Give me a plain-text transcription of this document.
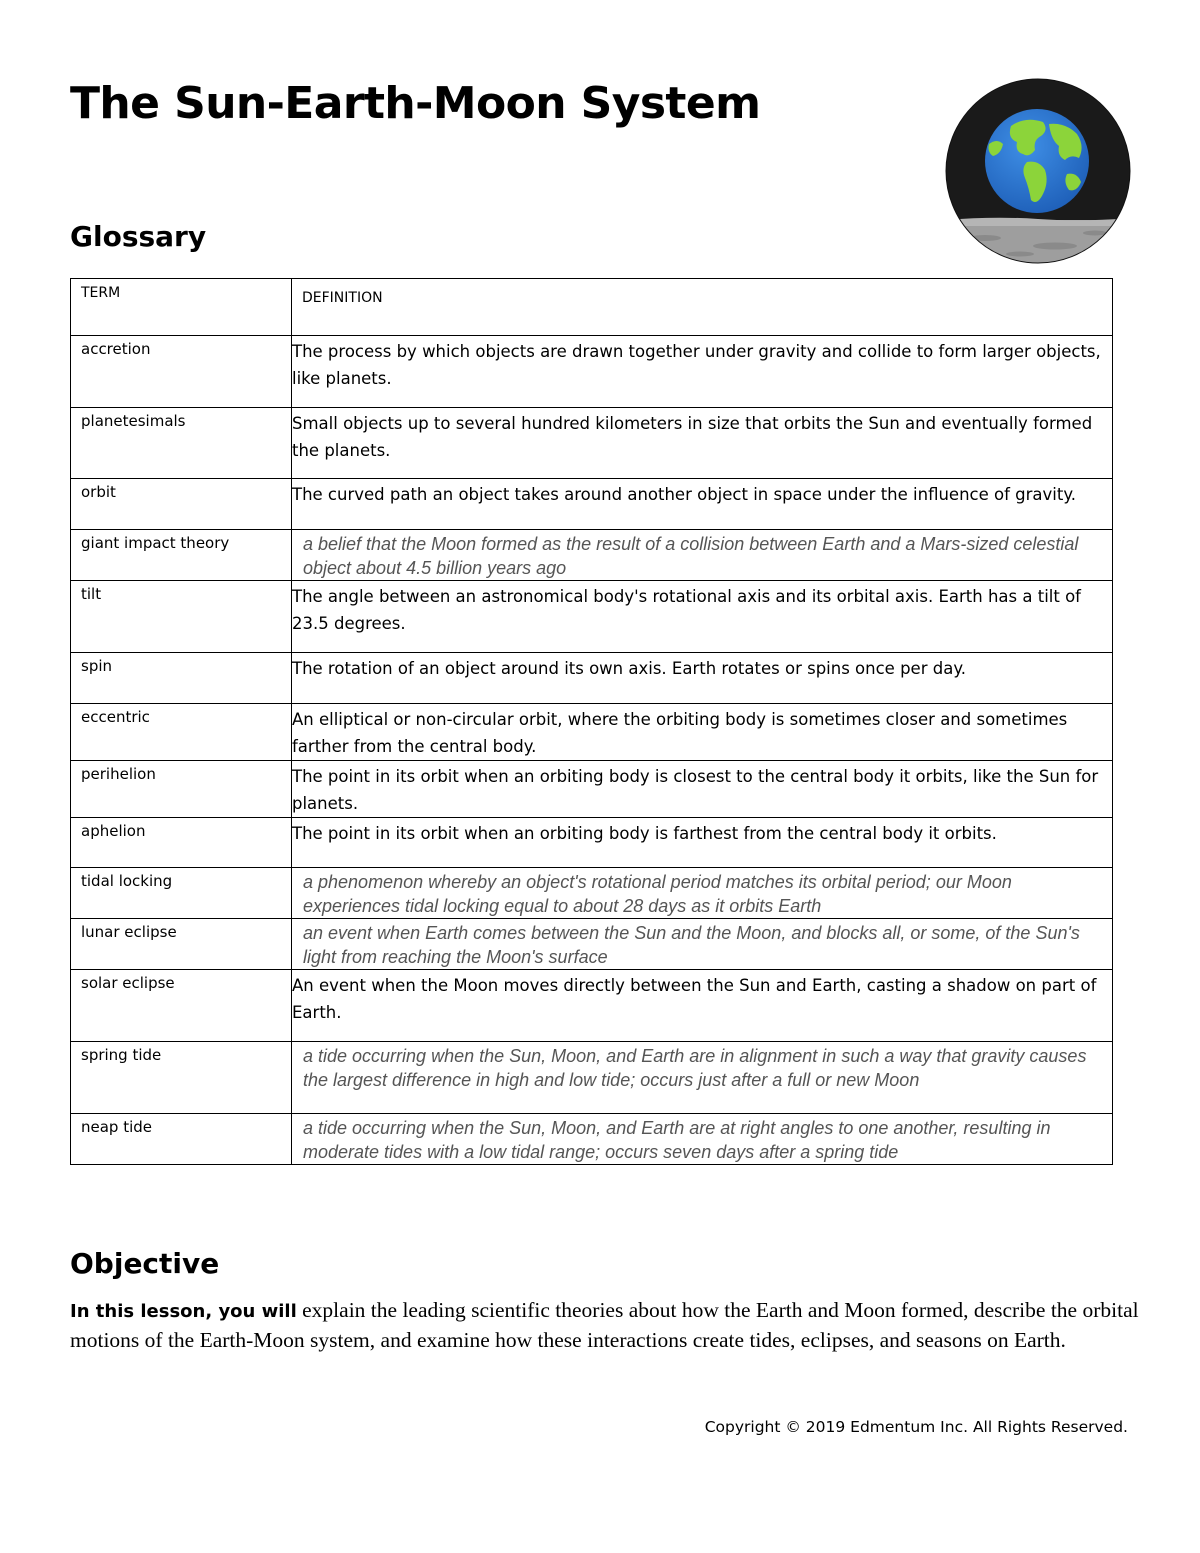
The Sun-Earth-Moon System
Glossary
TERM	DEFINITION
accretion	The process by which objects are drawn together under gravity and collide to form larger objects, like planets.
planetesimals	Small objects up to several hundred kilometers in size that orbits the Sun and eventually formed the planets.
orbit	The curved path an object takes around another object in space under the influence of gravity.
giant impact theory	a belief that the Moon formed as the result of a collision between Earth and a Mars-sized celestial object about 4.5 billion years ago
tilt	The angle between an astronomical body's rotational axis and its orbital axis. Earth has a tilt of 23.5 degrees.
spin	The rotation of an object around its own axis. Earth rotates or spins once per day.
eccentric	An elliptical or non-circular orbit, where the orbiting body is sometimes closer and sometimes farther from the central body.
perihelion	The point in its orbit when an orbiting body is closest to the central body it orbits, like the Sun for planets.
aphelion	The point in its orbit when an orbiting body is farthest from the central body it orbits.
tidal locking	a phenomenon whereby an object's rotational period matches its orbital period; our Moon experiences tidal locking equal to about 28 days as it orbits Earth
lunar eclipse	an event when Earth comes between the Sun and the Moon, and blocks all, or some, of the Sun's light from reaching the Moon's surface
solar eclipse	An event when the Moon moves directly between the Sun and Earth, casting a shadow on part of Earth.
spring tide	a tide occurring when the Sun, Moon, and Earth are in alignment in such a way that gravity causes the largest difference in high and low tide; occurs just after a full or new Moon
neap tide	a tide occurring when the Sun, Moon, and Earth are at right angles to one another, resulting in moderate tides with a low tidal range; occurs seven days after a spring tide
Objective

In this lesson, you will explain the leading scientific theories about how the Earth and Moon formed, describe the orbital motions of the Earth-Moon system, and examine how these interactions create tides, eclipses, and seasons on Earth.

Copyright © 2019 Edmentum Inc. All Rights Reserved.
